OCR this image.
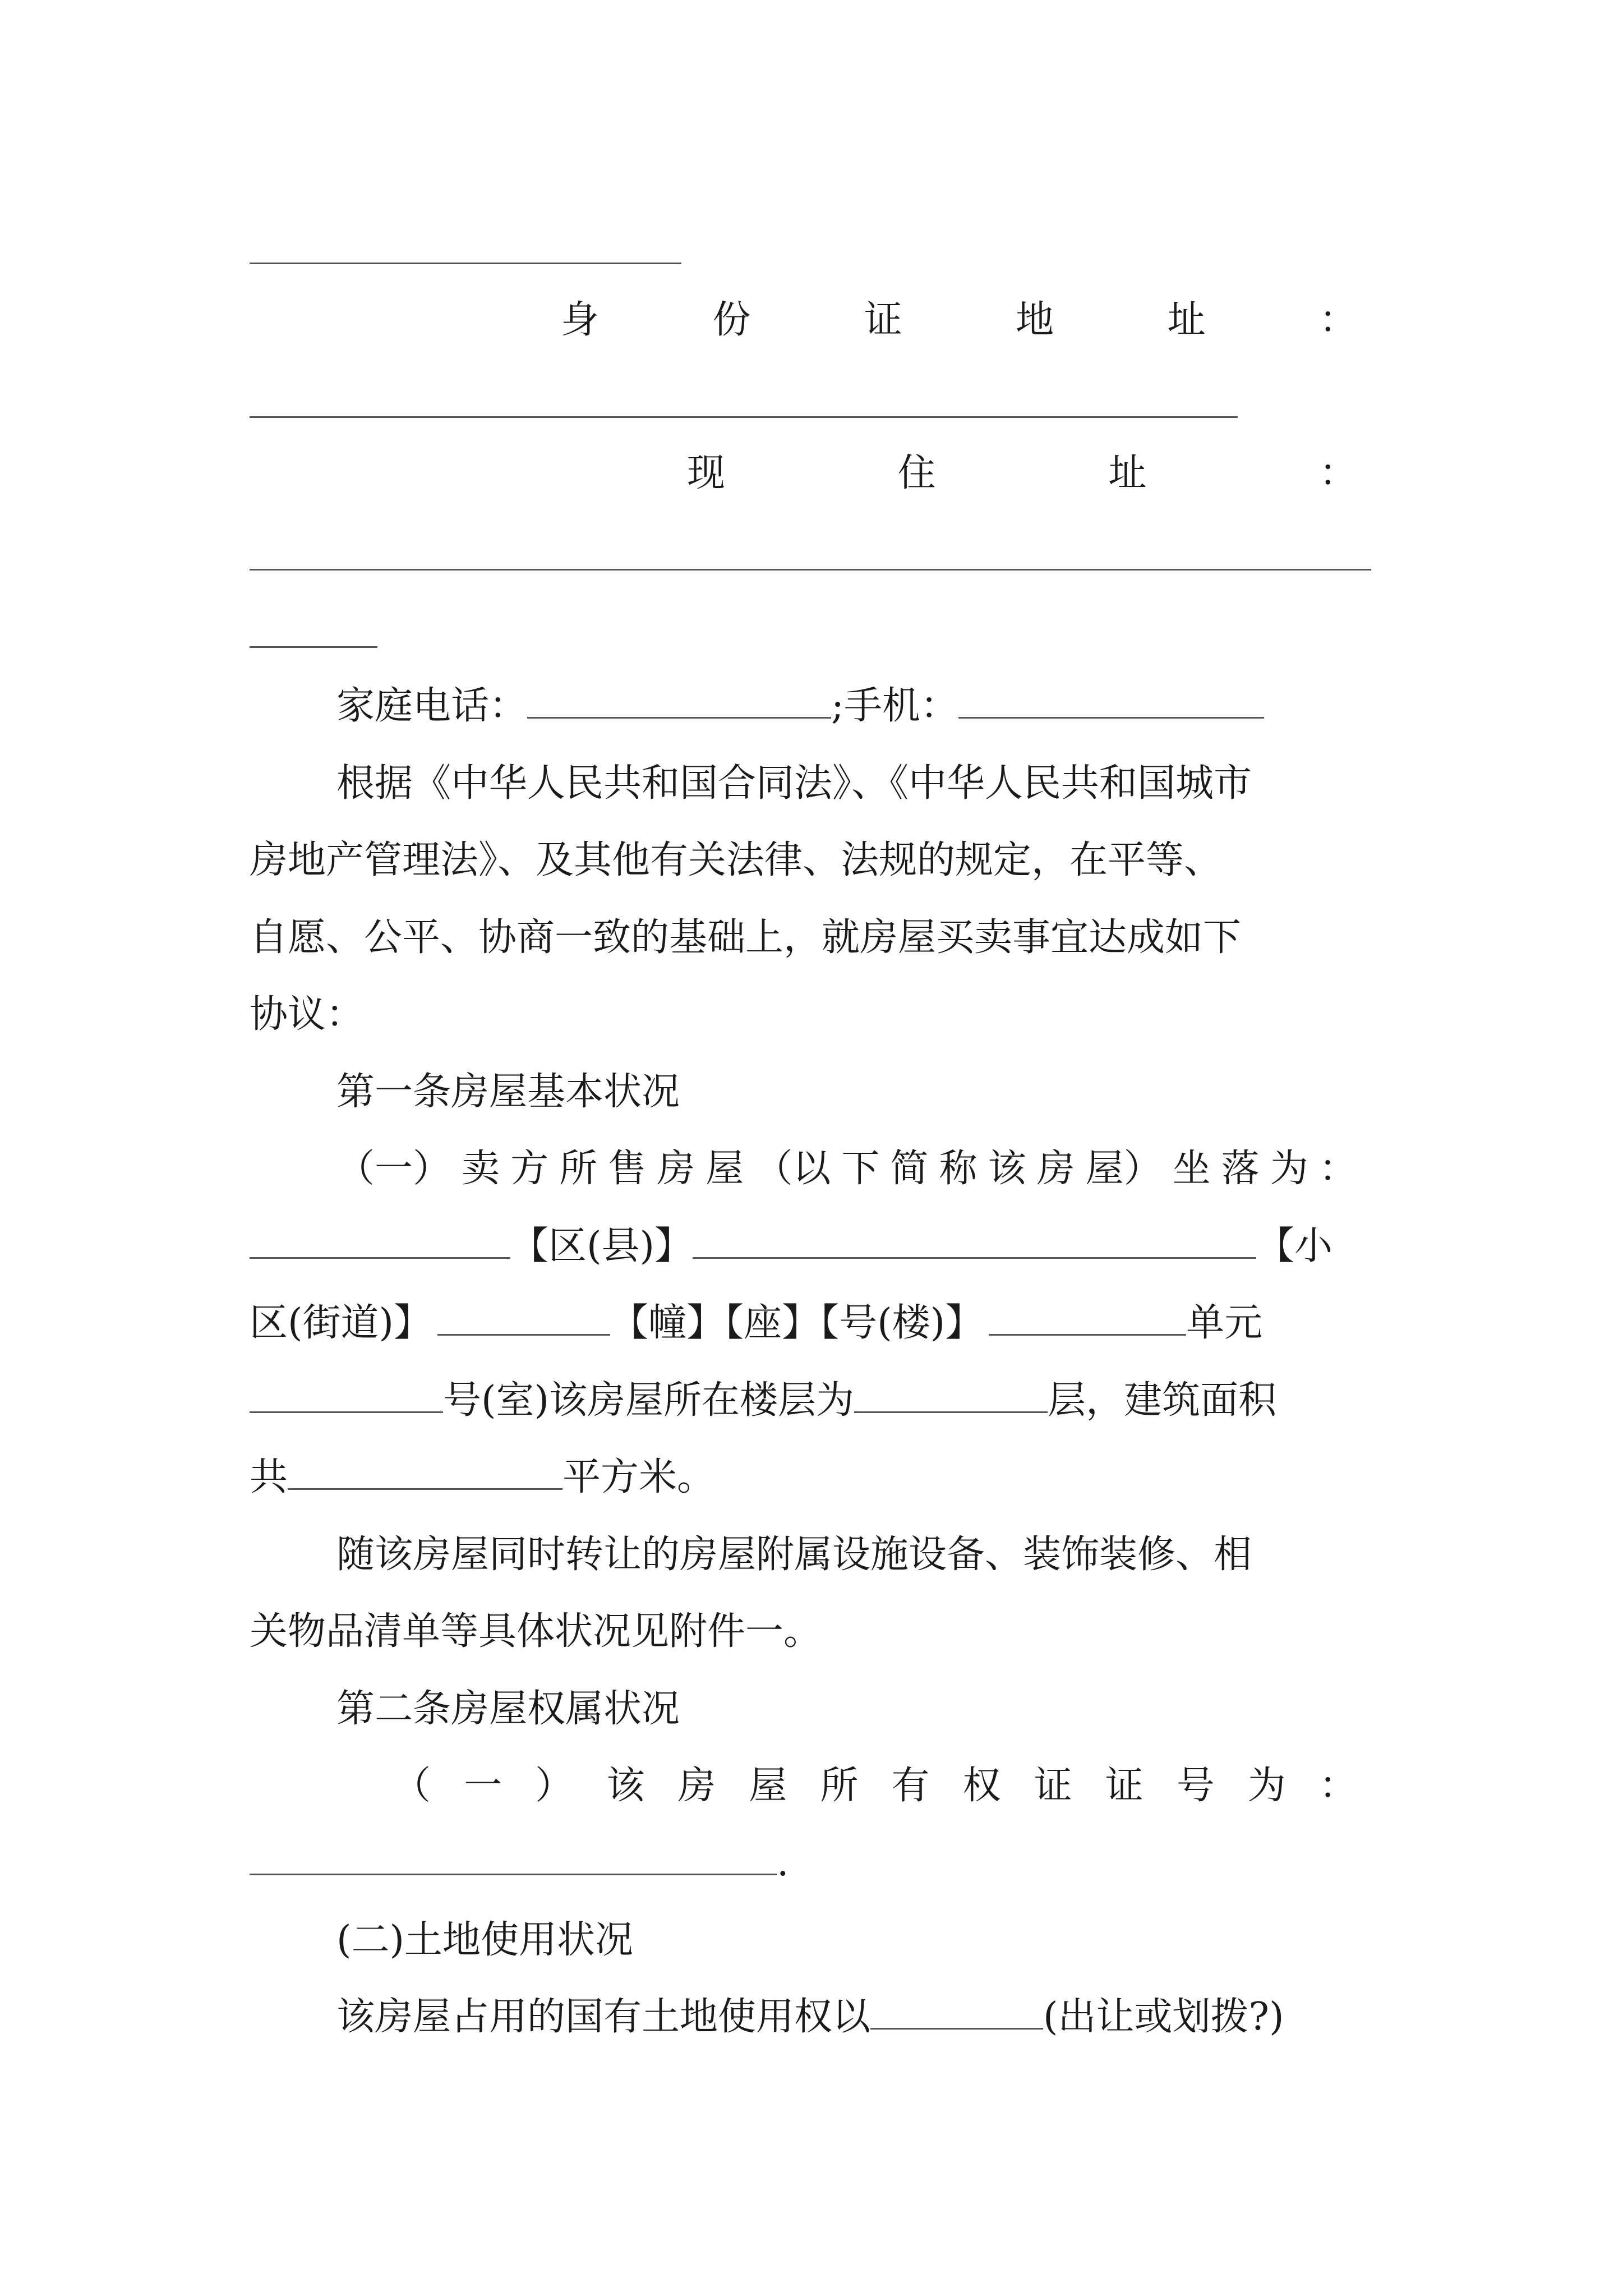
身	份	证	地	址	：
现	住	址	：
家庭电话：	;手机：
根据《中华人民共和国合同法》、《中华人民共和国城市
房地产管理法》、及其他有关法律、法规的规定，在平等、
自愿、公平、协商一致的基础上，就房屋买卖事宜达成如下
协议：
第一条房屋基本状况
（一） 卖 方 所 售 房 屋 （以 下 简 称 该 房 屋） 坐 落 为 ：
【区(县)】	【小
区(街道)】	【幢】【座】【号(楼)】	单元
号(室)该房屋所在楼层为	层，建筑面积
共	平方米。
随该房屋同时转让的房屋附属设施设备、装饰装修、相
关物品清单等具体状况见附件一。
第二条房屋权属状况
（ 一 ） 该 房 屋 所 有 权 证 证 号 为 ：
.
(二)土地使用状况
该房屋占用的国有土地使用权以	(出让或划拨?)
